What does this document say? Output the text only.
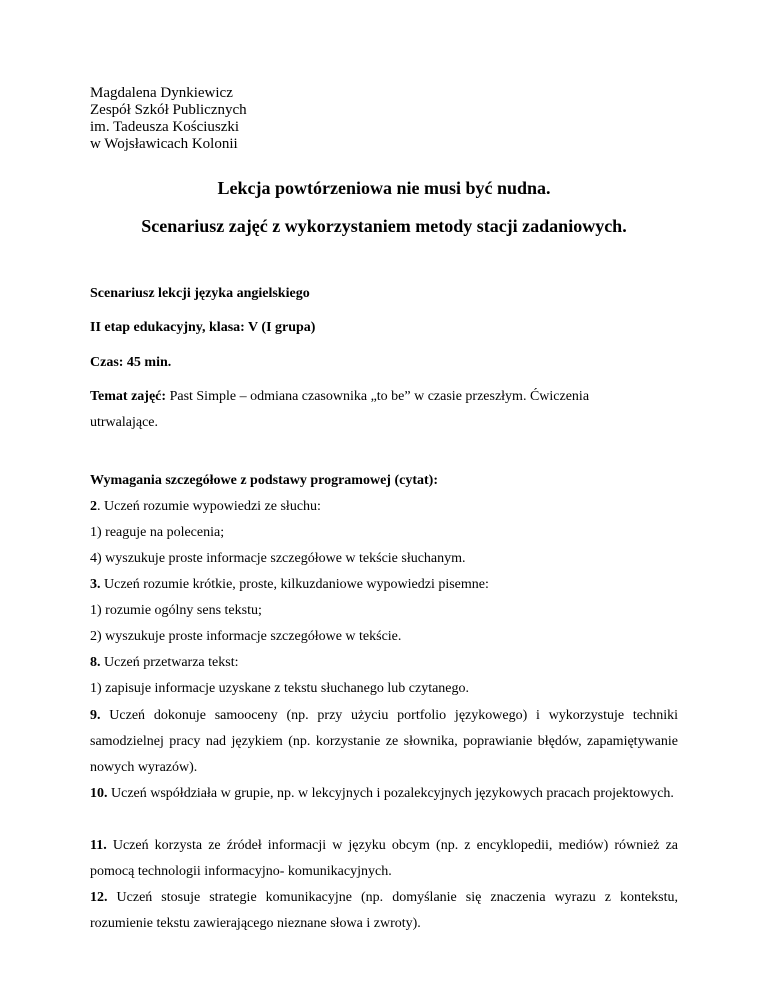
Magdalena Dynkiewicz
Zespół Szkół Publicznych
im. Tadeusza Kościuszki
w Wojsławicach Kolonii
Lekcja powtórzeniowa nie musi być nudna.
Scenariusz zajęć z wykorzystaniem metody stacji zadaniowych.
Scenariusz lekcji języka angielskiego
II etap edukacyjny, klasa: V (I grupa)
Czas: 45 min.
Temat zajęć: Past Simple – odmiana czasownika „to be” w czasie przeszłym. Ćwiczenia
utrwalające.
Wymagania szczegółowe z podstawy programowej (cytat):
2. Uczeń rozumie wypowiedzi ze słuchu:
1) reaguje na polecenia;
4) wyszukuje proste informacje szczegółowe w tekście słuchanym.
3. Uczeń rozumie krótkie, proste, kilkuzdaniowe wypowiedzi pisemne:
1) rozumie ogólny sens tekstu;
2) wyszukuje proste informacje szczegółowe w tekście.
8. Uczeń przetwarza tekst:
1) zapisuje informacje uzyskane z tekstu słuchanego lub czytanego.
9. Uczeń dokonuje samooceny (np. przy użyciu portfolio językowego) i wykorzystuje techniki samodzielnej pracy nad językiem (np. korzystanie ze słownika, poprawianie błędów, zapamiętywanie nowych wyrazów).
10. Uczeń współdziała w grupie, np. w lekcyjnych i pozalekcyjnych językowych pracach projektowych.
11. Uczeń korzysta ze źródeł informacji w języku obcym (np. z encyklopedii, mediów) również za pomocą technologii informacyjno- komunikacyjnych.
12. Uczeń stosuje strategie komunikacyjne (np. domyślanie się znaczenia wyrazu z kontekstu, rozumienie tekstu zawierającego nieznane słowa i zwroty).
